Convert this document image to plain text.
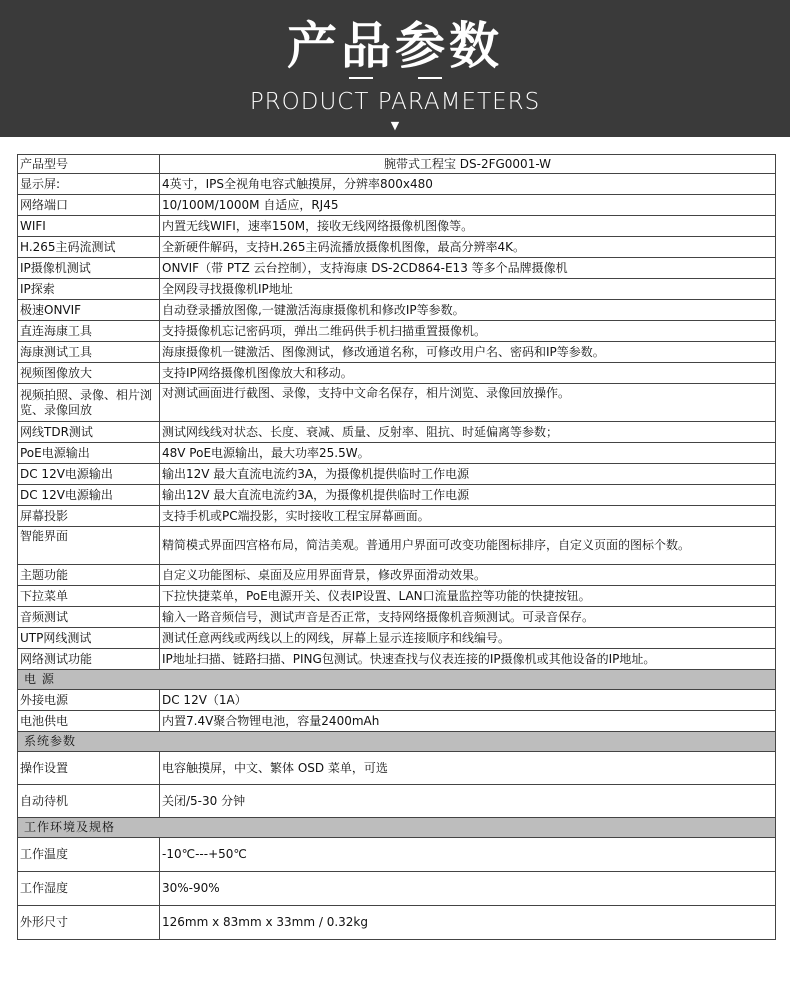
产品参数
PRODUCT PARAMETERS
▼
产品型号	腕带式工程宝 DS-2FG0001-W
显示屏:	4英寸，IPS全视角电容式触摸屏，分辨率800x480
网络端口	10/100M/1000M 自适应，RJ45
WIFI	内置无线WIFI，速率150M，接收无线网络摄像机图像等。
H.265主码流测试	全新硬件解码，支持H.265主码流播放摄像机图像，最高分辨率4K。
IP摄像机测试	ONVIF（带 PTZ 云台控制），支持海康 DS-2CD864-E13 等多个品牌摄像机
IP探索	全网段寻找摄像机IP地址
极速ONVIF	自动登录播放图像,一键激活海康摄像机和修改IP等参数。
直连海康工具	支持摄像机忘记密码项，弹出二维码供手机扫描重置摄像机。
海康测试工具	海康摄像机一键激活、图像测试，修改通道名称，可修改用户名、密码和IP等参数。
视频图像放大	支持IP网络摄像机图像放大和移动。
视频拍照、录像、相片浏览、录像回放	对测试画面进行截图、录像，支持中文命名保存，相片浏览、录像回放操作。
网线TDR测试	测试网线线对状态、长度、衰减、质量、反射率、阻抗、时延偏离等参数；
PoE电源输出	48V PoE电源输出，最大功率25.5W。
DC 12V电源输出	输出12V 最大直流电流约3A，为摄像机提供临时工作电源
DC 12V电源输出	输出12V 最大直流电流约3A，为摄像机提供临时工作电源
屏幕投影	支持手机或PC端投影，实时接收工程宝屏幕画面。
智能界面	精简模式界面四宫格布局，简洁美观。普通用户界面可改变功能图标排序，自定义页面的图标个数。
主题功能	自定义功能图标、桌面及应用界面背景，修改界面滑动效果。
下拉菜单	下拉快捷菜单，PoE电源开关、仪表IP设置、LAN口流量监控等功能的快捷按钮。
音频测试	输入一路音频信号，测试声音是否正常，支持网络摄像机音频测试。可录音保存。
UTP网线测试	测试任意两线或两线以上的网线，屏幕上显示连接顺序和线编号。
网络测试功能	IP地址扫描、链路扫描、PING包测试。快速查找与仪表连接的IP摄像机或其他设备的IP地址。
电 源	
外接电源	DC 12V（1A）
电池供电	内置7.4V聚合物锂电池，容量2400mAh
系统参数	
操作设置	电容触摸屏，中文、繁体 OSD 菜单，可选
自动待机	关闭/5-30 分钟
工作环境及规格	
工作温度	-10℃---+50℃
工作湿度	30%-90%
外形尺寸	126mm x 83mm x 33mm / 0.32kg
